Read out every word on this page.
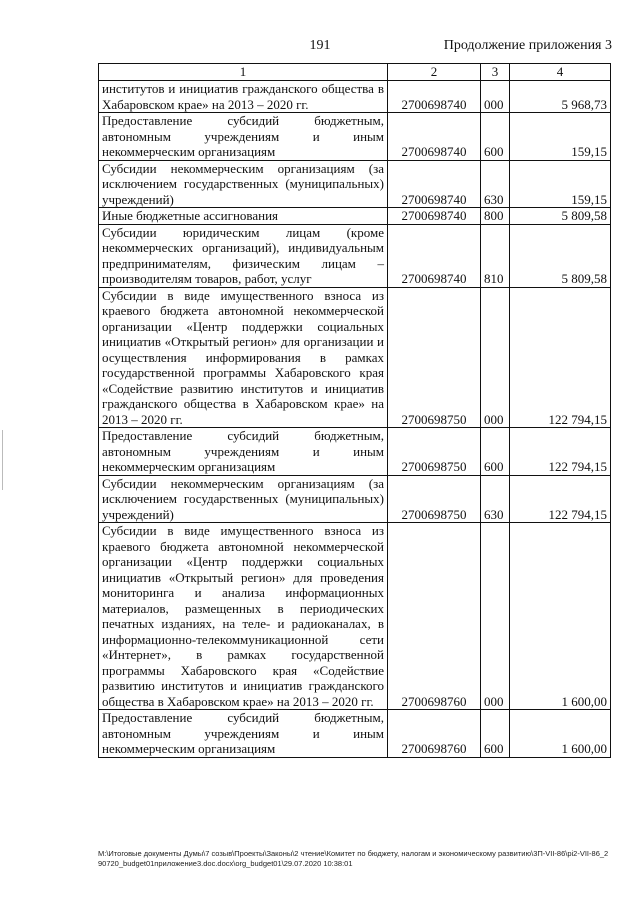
191	Продолжение приложения 3
1	2	3	4
институтов и инициатив гражданского общества в Хабаровском крае» на 2013 – 2020 гг.	2700698740	000	5 968,73
Предоставление субсидий бюджетным, автономным учреждениям и иным некоммерческим организациям	2700698740	600	159,15
Субсидии некоммерческим организациям (за исключением государственных (муниципальных) учреждений)	2700698740	630	159,15
Иные бюджетные ассигнования	2700698740	800	5 809,58
Субсидии юридическим лицам (кроме некоммерческих организаций), индивидуальным предпринимателям, физическим лицам – производителям товаров, работ, услуг	2700698740	810	5 809,58
Субсидии в виде имущественного взноса из краевого бюджета автономной некоммерческой организации «Центр поддержки социальных инициатив «Открытый регион» для организации и осуществления информирования в рамках государственной программы Хабаровского края «Содействие развитию институтов и инициатив гражданского общества в Хабаровском крае» на 2013 – 2020 гг.	2700698750	000	122 794,15
Предоставление субсидий бюджетным, автономным учреждениям и иным некоммерческим организациям	2700698750	600	122 794,15
Субсидии некоммерческим организациям (за исключением государственных (муниципальных) учреждений)	2700698750	630	122 794,15
Субсидии в виде имущественного взноса из краевого бюджета автономной некоммерческой организации «Центр поддержки социальных инициатив «Открытый регион» для проведения мониторинга и анализа информационных материалов, размещенных в периодических печатных изданиях, на теле- и радиоканалах, в информационно-телекоммуникационной сети «Интернет», в рамках государственной программы Хабаровского края «Содействие развитию институтов и инициатив гражданского общества в Хабаровском крае» на 2013 – 2020 гг.	2700698760	000	1 600,00
Предоставление субсидий бюджетным, автономным учреждениям и иным некоммерческим организациям	2700698760	600	1 600,00
M:\Итоговые документы Думы\7 созыв\Проекты\Законы\2 чтение\Комитет по бюджету, налогам и экономическому развитию\3П-VII-86\рi2-VII-86_290720_budget01приложение3.doc.docx\org_budget01\29.07.2020 10:38:01
